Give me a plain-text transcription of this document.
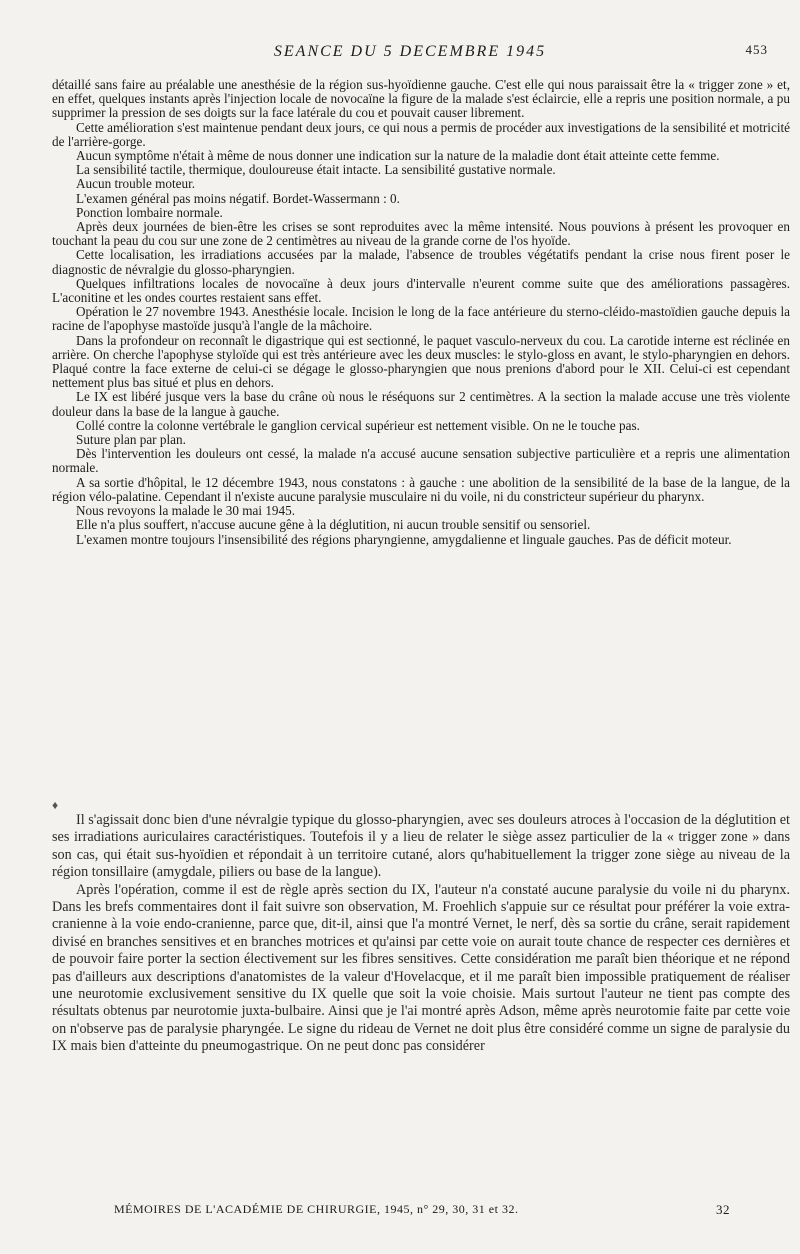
SEANCE DU 5 DECEMBRE 1945	453

détaillé sans faire au préalable une anesthésie de la région sus-hyoïdienne gauche. C'est elle qui nous paraissait être la « trigger zone » et, en effet, quelques instants après l'injection locale de novocaïne la figure de la malade s'est éclaircie, elle a repris une position normale, a pu supprimer la pression de ses doigts sur la face latérale du cou et pouvait causer librement.

Cette amélioration s'est maintenue pendant deux jours, ce qui nous a permis de procéder aux investigations de la sensibilité et motricité de l'arrière-gorge.

Aucun symptôme n'était à même de nous donner une indication sur la nature de la maladie dont était atteinte cette femme.

La sensibilité tactile, thermique, douloureuse était intacte. La sensibilité gustative normale.

Aucun trouble moteur.

L'examen général pas moins négatif. Bordet-Wassermann : 0.

Ponction lombaire normale.

Après deux journées de bien-être les crises se sont reproduites avec la même intensité. Nous pouvions à présent les provoquer en touchant la peau du cou sur une zone de 2 centimètres au niveau de la grande corne de l'os hyoïde.

Cette localisation, les irradiations accusées par la malade, l'absence de troubles végétatifs pendant la crise nous firent poser le diagnostic de névralgie du glosso-pharyngien.

Quelques infiltrations locales de novocaïne à deux jours d'intervalle n'eurent comme suite que des améliorations passagères. L'aconitine et les ondes courtes restaient sans effet.

Opération le 27 novembre 1943. Anesthésie locale. Incision le long de la face antérieure du sterno-cléido-mastoïdien gauche depuis la racine de l'apophyse mastoïde jusqu'à l'angle de la mâchoire.

Dans la profondeur on reconnaît le digastrique qui est sectionné, le paquet vasculo-nerveux du cou. La carotide interne est réclinée en arrière. On cherche l'apophyse styloïde qui est très antérieure avec les deux muscles: le stylo-gloss en avant, le stylo-pharyngien en dehors. Plaqué contre la face externe de celui-ci se dégage le glosso-pharyngien que nous prenions d'abord pour le XII. Celui-ci est cependant nettement plus bas situé et plus en dehors.

Le IX est libéré jusque vers la base du crâne où nous le réséquons sur 2 centimètres. A la section la malade accuse une très violente douleur dans la base de la langue à gauche.

Collé contre la colonne vertébrale le ganglion cervical supérieur est nettement visible. On ne le touche pas.

Suture plan par plan.

Dès l'intervention les douleurs ont cessé, la malade n'a accusé aucune sensation subjective particulière et a repris une alimentation normale.

A sa sortie d'hôpital, le 12 décembre 1943, nous constatons : à gauche : une abolition de la sensibilité de la base de la langue, de la région vélo-palatine. Cependant il n'existe aucune paralysie musculaire ni du voile, ni du constricteur supérieur du pharynx.

Nous revoyons la malade le 30 mai 1945.

Elle n'a plus souffert, n'accuse aucune gêne à la déglutition, ni aucun trouble sensitif ou sensoriel.

L'examen montre toujours l'insensibilité des régions pharyngienne, amygdalienne et linguale gauches. Pas de déficit moteur.

♦

Il s'agissait donc bien d'une névralgie typique du glosso-pharyngien, avec ses douleurs atroces à l'occasion de la déglutition et ses irradiations auriculaires caractéristiques. Toutefois il y a lieu de relater le siège assez particulier de la « trigger zone » dans son cas, qui était sus-hyoïdien et répondait à un territoire cutané, alors qu'habituellement la trigger zone siège au niveau de la région tonsillaire (amygdale, piliers ou base de la langue).

Après l'opération, comme il est de règle après section du IX, l'auteur n'a constaté aucune paralysie du voile ni du pharynx. Dans les brefs commentaires dont il fait suivre son observation, M. Froehlich s'appuie sur ce résultat pour préférer la voie extra-cranienne à la voie endo-cranienne, parce que, dit-il, ainsi que l'a montré Vernet, le nerf, dès sa sortie du crâne, serait rapidement divisé en branches sensitives et en branches motrices et qu'ainsi par cette voie on aurait toute chance de respecter ces dernières et de pouvoir faire porter la section électivement sur les fibres sensitives. Cette considération me paraît bien théorique et ne répond pas d'ailleurs aux descriptions d'anatomistes de la valeur d'Hovelacque, et il me paraît bien impossible pratiquement de réaliser une neurotomie exclusivement sensitive du IX quelle que soit la voie choisie. Mais surtout l'auteur ne tient pas compte des résultats obtenus par neurotomie juxta-bulbaire. Ainsi que je l'ai montré après Adson, même après neurotomie faite par cette voie on n'observe pas de paralysie pharyngée. Le signe du rideau de Vernet ne doit plus être considéré comme un signe de paralysie du IX mais bien d'atteinte du pneumogastrique. On ne peut donc pas considérer

MÉMOIRES DE L'ACADÉMIE DE CHIRURGIE, 1945, n° 29, 30, 31 et 32.	32
